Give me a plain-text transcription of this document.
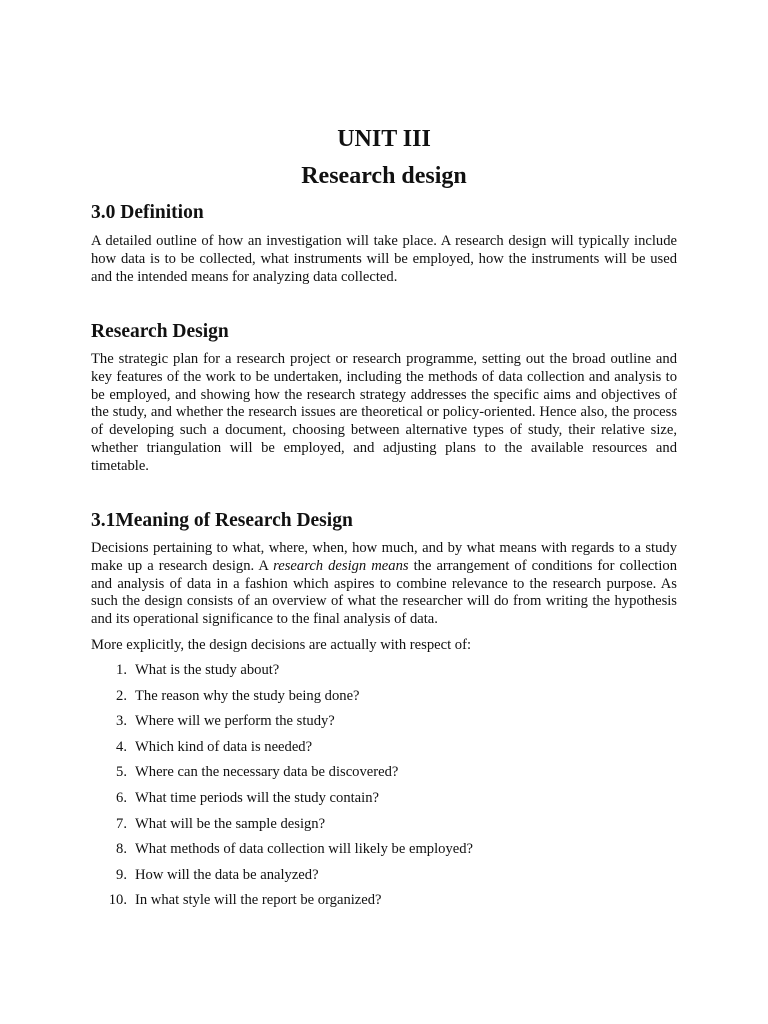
UNIT III
Research design
3.0 Definition

A detailed outline of how an investigation will take place. A research design will typically include how data is to be collected, what instruments will be employed, how the instruments will be used and the intended means for analyzing data collected.

Research Design

The strategic plan for a research project or research programme, setting out the broad outline and key features of the work to be undertaken, including the methods of data collection and analysis to be employed, and showing how the research strategy addresses the specific aims and objectives of the study, and whether the research issues are theoretical or policy-oriented. Hence also, the process of developing such a document, choosing between alternative types of study, their relative size, whether triangulation will be employed, and adjusting plans to the available resources and timetable.

3.1Meaning of Research Design

Decisions pertaining to what, where, when, how much, and by what means with regards to a study make up a research design. A research design means the arrangement of conditions for collection and analysis of data in a fashion which aspires to combine relevance to the research purpose. As such the design consists of an overview of what the researcher will do from writing the hypothesis and its operational significance to the final analysis of data.

More explicitly, the design decisions are actually with respect of:

1. What is the study about?
2. The reason why the study being done?
3. Where will we perform the study?
4. Which kind of data is needed?
5. Where can the necessary data be discovered?
6. What time periods will the study contain?
7. What will be the sample design?
8. What methods of data collection will likely be employed?
9. How will the data be analyzed?
10. In what style will the report be organized?
